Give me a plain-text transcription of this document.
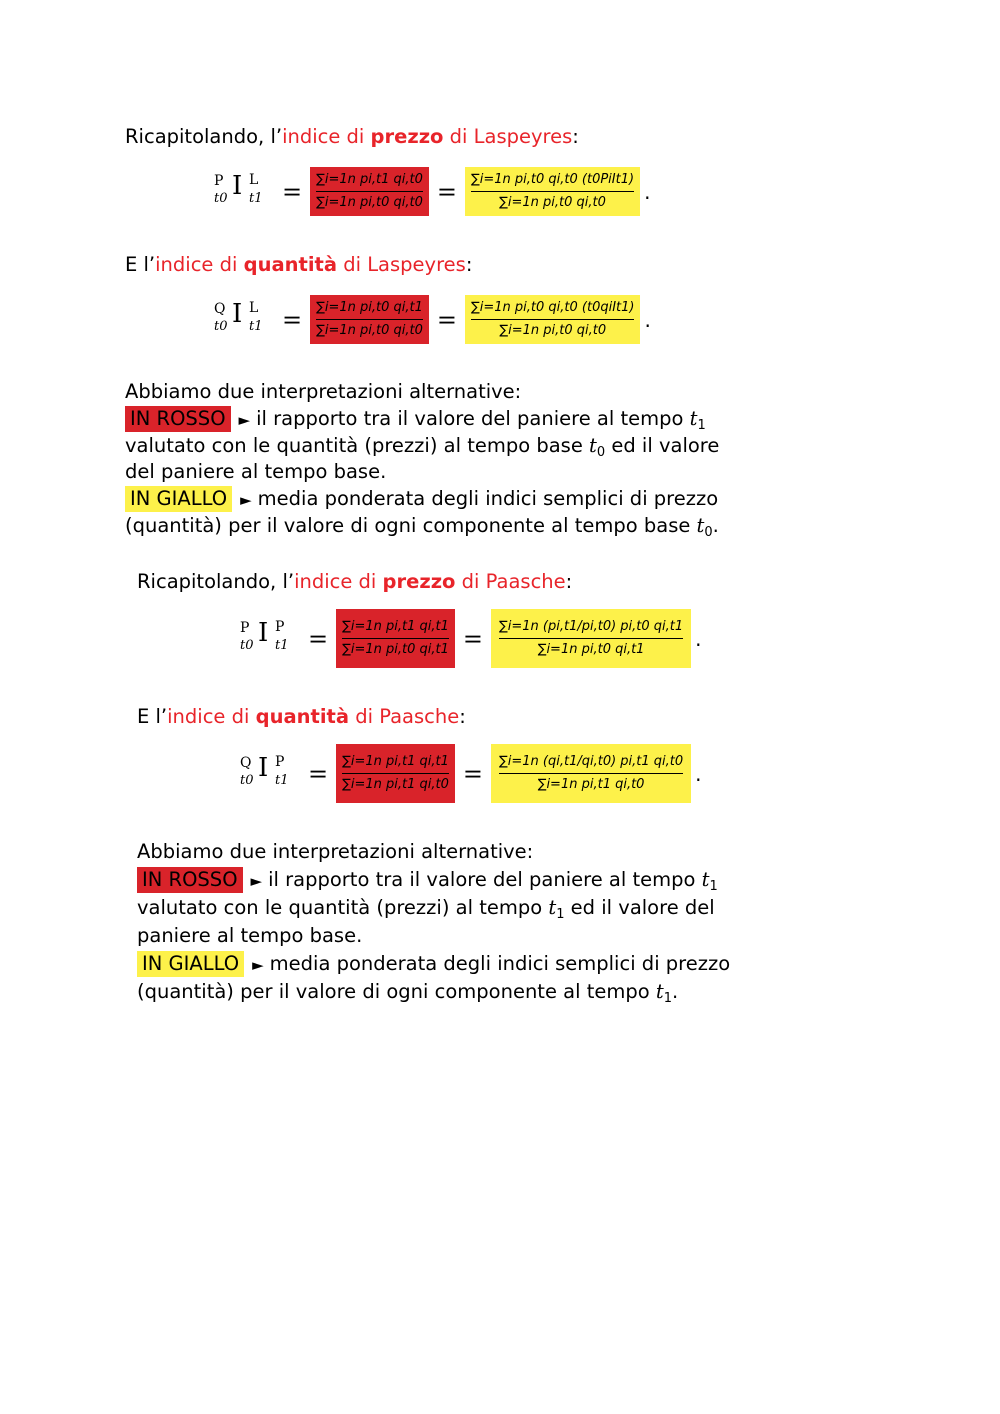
Ricapitolando, l’indice di prezzo di Laspeyres:
P
t0 I L
$t1 = \frac{\text{∑i=1n pi,t1 qi,t0}}{\text{∑i=1n pi,t0 qi,t0}} = \frac{\text{∑i=1n pi,t0 qi,t0 (t0PiIt1)}}{\text{∑i=1n pi,t0 qi,t0}}$ .
E l’indice di quantità di Laspeyres:
Q
t0 I L
$t1 = \frac{\text{∑i=1n pi,t0 qi,t1}}{\text{∑i=1n pi,t0 qi,t0}} = \frac{\text{∑i=1n pi,t0 qi,t0 (t0qiIt1)}}{\text{∑i=1n pi,t0 qi,t0}}$ .
Abbiamo due interpretazioni alternative:
IN ROSSO ► il rapporto tra il valore del paniere al tempo $t_1$
valutato con le quantità (prezzi) al tempo base $t_0$ ed il valore
del paniere al tempo base.
IN GIALLO ► media ponderata degli indici semplici di prezzo
(quantità) per il valore di ogni componente al tempo base $t_0$.
Ricapitolando, l’indice di prezzo di Paasche:
P
t0 I P
$t1 = \frac{\text{∑i=1n pi,t1 qi,t1}}{\text{∑i=1n pi,t0 qi,t1}} = \frac{\sum i=1n (pi,t1/pi,t0) pi,t0 qi,t1}{\text{∑i=1n pi,t0 qi,t1}}$ .
E l’indice di quantità di Paasche:
Q
t0 I P
$t1 = \frac{\text{∑i=1n pi,t1 qi,t1}}{\text{∑i=1n pi,t1 qi,t0}} = \frac{\sum i=1n (qi,t1/qi,t0) pi,t1 qi,t0}{\text{∑i=1n pi,t1 qi,t0}}$ .
Abbiamo due interpretazioni alternative:
IN ROSSO ► il rapporto tra il valore del paniere al tempo $t_1$
valutato con le quantità (prezzi) al tempo $t_1$ ed il valore del
paniere al tempo base.
IN GIALLO ► media ponderata degli indici semplici di prezzo
(quantità) per il valore di ogni componente al tempo $t_1$.
